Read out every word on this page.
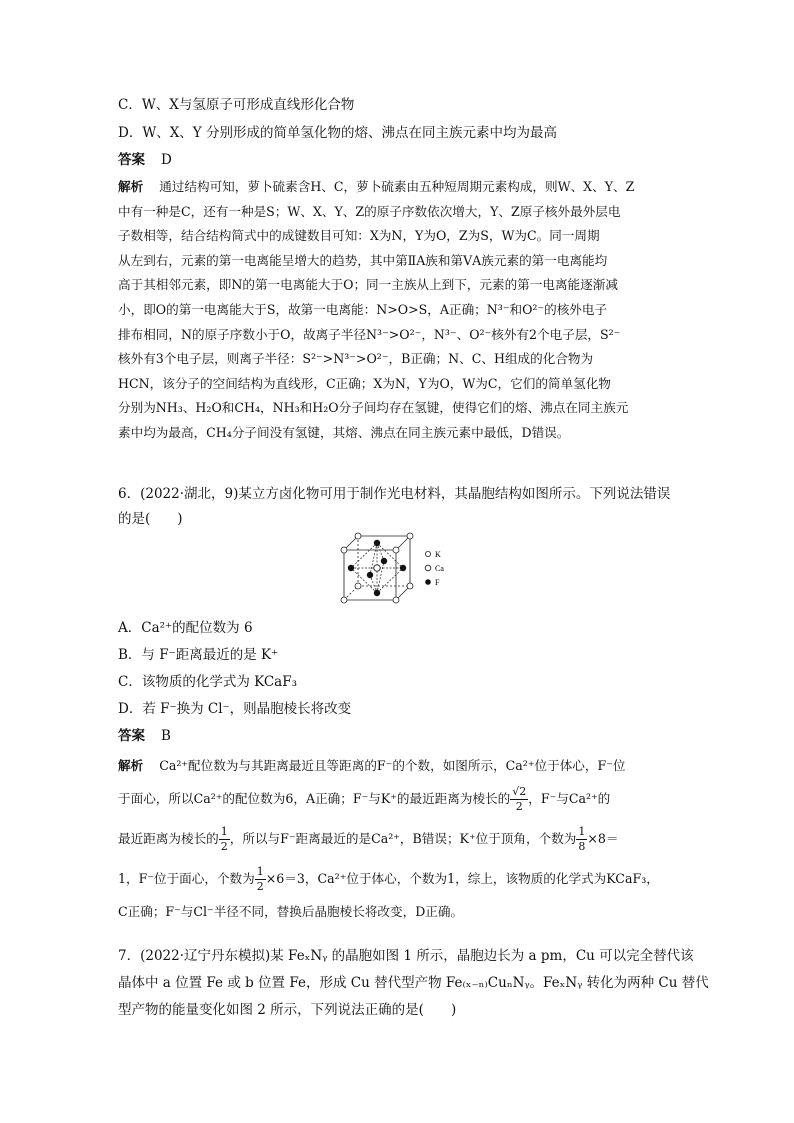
C．W、X与氢原子可形成直线形化合物
D．W、X、Y 分别形成的简单氢化物的熔、沸点在同主族元素中均为最高
答案 D
解析 通过结构可知，萝卜硫素含H、C，萝卜硫素由五种短周期元素构成，则W、X、Y、Z
中有一种是C，还有一种是S；W、X、Y、Z的原子序数依次增大，Y、Z原子核外最外层电
子数相等，结合结构简式中的成键数目可知：X为N，Y为O，Z为S，W为C。同一周期
从左到右，元素的第一电离能呈增大的趋势，其中第ⅡA族和第ⅤA族元素的第一电离能均
高于其相邻元素，即N的第一电离能大于O；同一主族从上到下，元素的第一电离能逐渐减
小，即O的第一电离能大于S，故第一电离能：N>O>S，A正确；N³⁻和O²⁻的核外电子
排布相同，N的原子序数小于O，故离子半径N³⁻>O²⁻，N³⁻、O²⁻核外有2个电子层，S²⁻
核外有3个电子层，则离子半径：S²⁻>N³⁻>O²⁻，B正确；N、C、H组成的化合物为
HCN，该分子的空间结构为直线形，C正确；X为N，Y为O，W为C，它们的简单氢化物
分别为NH₃、H₂O和CH₄，NH₃和H₂O分子间均存在氢键，使得它们的熔、沸点在同主族元
素中均为最高，CH₄分子间没有氢键，其熔、沸点在同主族元素中最低，D错误。
6．(2022·湖北，9)某立方卤化物可用于制作光电材料，其晶胞结构如图所示。下列说法错误
的是(　　)
K
Ca
F
A．Ca²⁺的配位数为 6
B．与 F⁻距离最近的是 K⁺
C．该物质的化学式为 KCaF₃
D．若 F⁻换为 Cl⁻，则晶胞棱长将改变
答案 B
解析 Ca²⁺配位数为与其距离最近且等距离的F⁻的个数，如图所示，Ca²⁺位于体心，F⁻位
于面心，所以Ca²⁺的配位数为6，A正确；F⁻与K⁺的最近距离为棱长的 $\frac{√2}{2}$ ，F⁻与Ca²⁺的
最近距离为棱长的 $\frac{1}{2}$ ，所以与F⁻距离最近的是Ca²⁺，B错误；K⁺位于顶角，个数为 $\frac{1}{8} \times 8=$
1，F⁻位于面心，个数为 $\frac{1}{2} \times 6=3$，Ca²⁺位于体心，个数为1，综上，该物质的化学式为KCaF₃，
C正确；F⁻与Cl⁻半径不同，替换后晶胞棱长将改变，D正确。
7．(2022·辽宁丹东模拟)某 FeₓNᵧ 的晶胞如图 1 所示，晶胞边长为 a pm，Cu 可以完全替代该
晶体中 a 位置 Fe 或 b 位置 Fe，形成 Cu 替代型产物 Fe₍ₓ₋ₙ₎CuₙNᵧ。FeₓNᵧ 转化为两种 Cu 替代
型产物的能量变化如图 2 所示，下列说法正确的是(　　)
